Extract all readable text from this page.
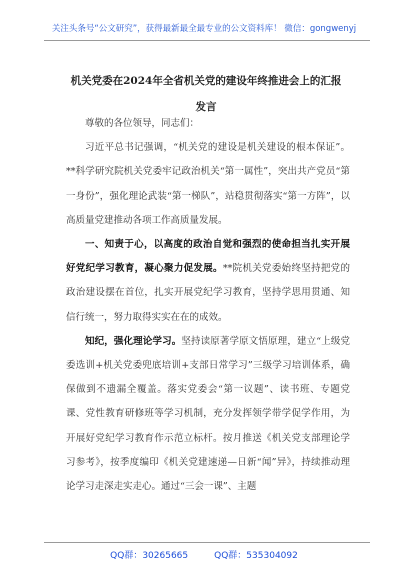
关注头条号“公文研究”，获得最新最全最专业的公文资料库！ 微信：gongwenyj
机关党委在2024年全省机关党的建设年终推进会上的汇报发言

尊敬的各位领导，同志们：

习近平总书记强调，“机关党的建设是机关建设的根本保证”。**科学研究院机关党委牢记政治机关“第一属性”，突出共产党员“第一身份”，强化理论武装“第一梯队”，站稳贯彻落实“第一方阵”，以高质量党建推动各项工作高质量发展。

一、知责于心，以高度的政治自觉和强烈的使命担当扎实开展好党纪学习教育，凝心聚力促发展。**院机关党委始终坚持把党的政治建设摆在首位，扎实开展党纪学习教育，坚持学思用贯通、知信行统一，努力取得实实在在的成效。

知纪，强化理论学习。坚持读原著学原文悟原理，建立“上级党委选训+机关党委兜底培训+支部日常学习”三级学习培训体系，确保做到不遗漏全覆盖。落实党委会“第一议题”、读书班、专题党课、党性教育研修班等学习机制，充分发挥领学带学促学作用，为开展好党纪学习教育作示范立标杆。按月推送《机关党支部理论学习参考》，按季度编印《机关党建速递—日新“闻”异》，持续推动理论学习走深走实走心。通过“三会一课”、主题

QQ群：30265665	QQ群：535304092
